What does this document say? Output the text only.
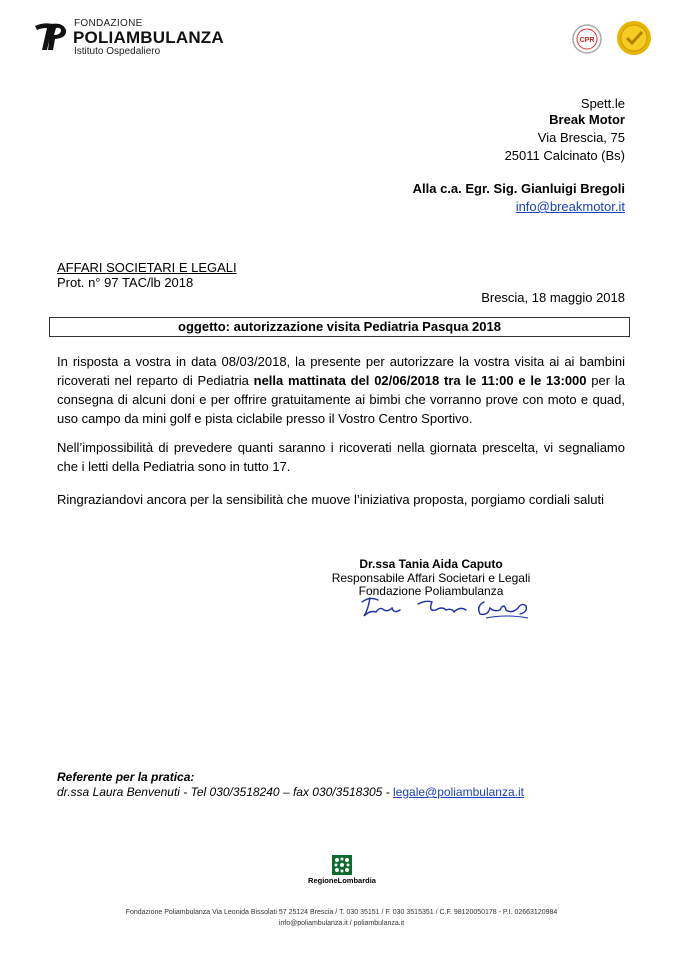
FONDAZIONE
POLIAMBULANZA
Istituto Ospedaliero
CPR
Spett.le
Break Motor
Via Brescia, 75
25011 Calcinato (Bs)
Alla c.a. Egr. Sig. Gianluigi Bregoli
info@breakmotor.it
AFFARI SOCIETARI E LEGALI
Prot. n° 97 TAC/lb 2018
Brescia, 18 maggio 2018
oggetto: autorizzazione visita Pediatria Pasqua 2018
In risposta a vostra in data 08/03/2018, la presente per autorizzare la vostra visita ai ai bambini ricoverati nel reparto di Pediatria nella mattinata del 02/06/2018 tra le 11:00 e le 13:000 per la consegna di alcuni doni e per offrire gratuitamente ai bimbi che vorranno prove con moto e quad, uso campo da mini golf e pista ciclabile presso il Vostro Centro Sportivo.
Nell’impossibilità di prevedere quanti saranno i ricoverati nella giornata prescelta, vi segnaliamo che i letti della Pediatria sono in tutto 17.
Ringraziandovi ancora per la sensibilità che muove l’iniziativa proposta, porgiamo cordiali saluti
Dr.ssa Tania Aida Caputo
Responsabile Affari Societari e Legali
Fondazione Poliambulanza
Referente per la pratica:
dr.ssa Laura Benvenuti - Tel 030/3518240 – fax 030/3518305 - legale@poliambulanza.it
RegioneLombardia
Fondazione Poliambulanza Via Leonida Bissolati 57 25124 Brescia / T. 030 35151 / F. 030 3515351 / C.F. 98120050178 - P.I. 02663120984
info@poliambulanza.it / poliambulanza.it
